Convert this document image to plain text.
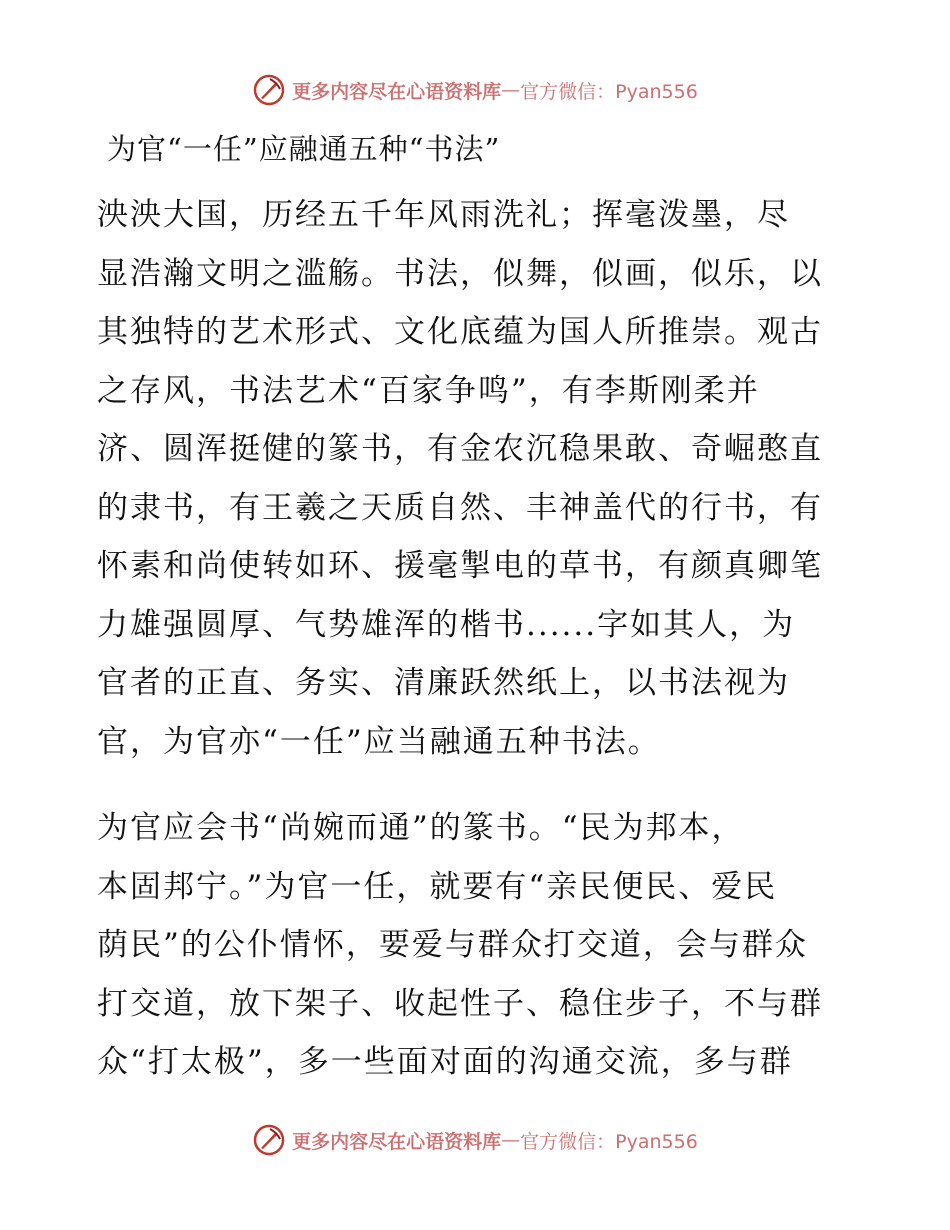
更多内容尽在心语资料库 — 官方微信：Pyan556
为官“一任”应融通五种“书法”

泱泱大国，历经五千年风雨洗礼；挥毫泼墨，尽
显浩瀚文明之滥觞。书法，似舞，似画，似乐，以
其独特的艺术形式、文化底蕴为国人所推崇。观古
之存风，书法艺术“百家争鸣”，有李斯刚柔并
济、圆浑挺健的篆书，有金农沉稳果敢、奇崛憨直
的隶书，有王羲之天质自然、丰神盖代的行书，有
怀素和尚使转如环、援毫掣电的草书，有颜真卿笔
力雄强圆厚、气势雄浑的楷书......字如其人，为
官者的正直、务实、清廉跃然纸上，以书法视为
官，为官亦“一任”应当融通五种书法。

为官应会书“尚婉而通”的篆书。“民为邦本，
本固邦宁。”为官一任，就要有“亲民便民、爱民
荫民”的公仆情怀，要爱与群众打交道，会与群众
打交道，放下架子、收起性子、稳住步子，不与群
众“打太极”，多一些面对面的沟通交流，多与群

更多内容尽在心语资料库 — 官方微信：Pyan556
